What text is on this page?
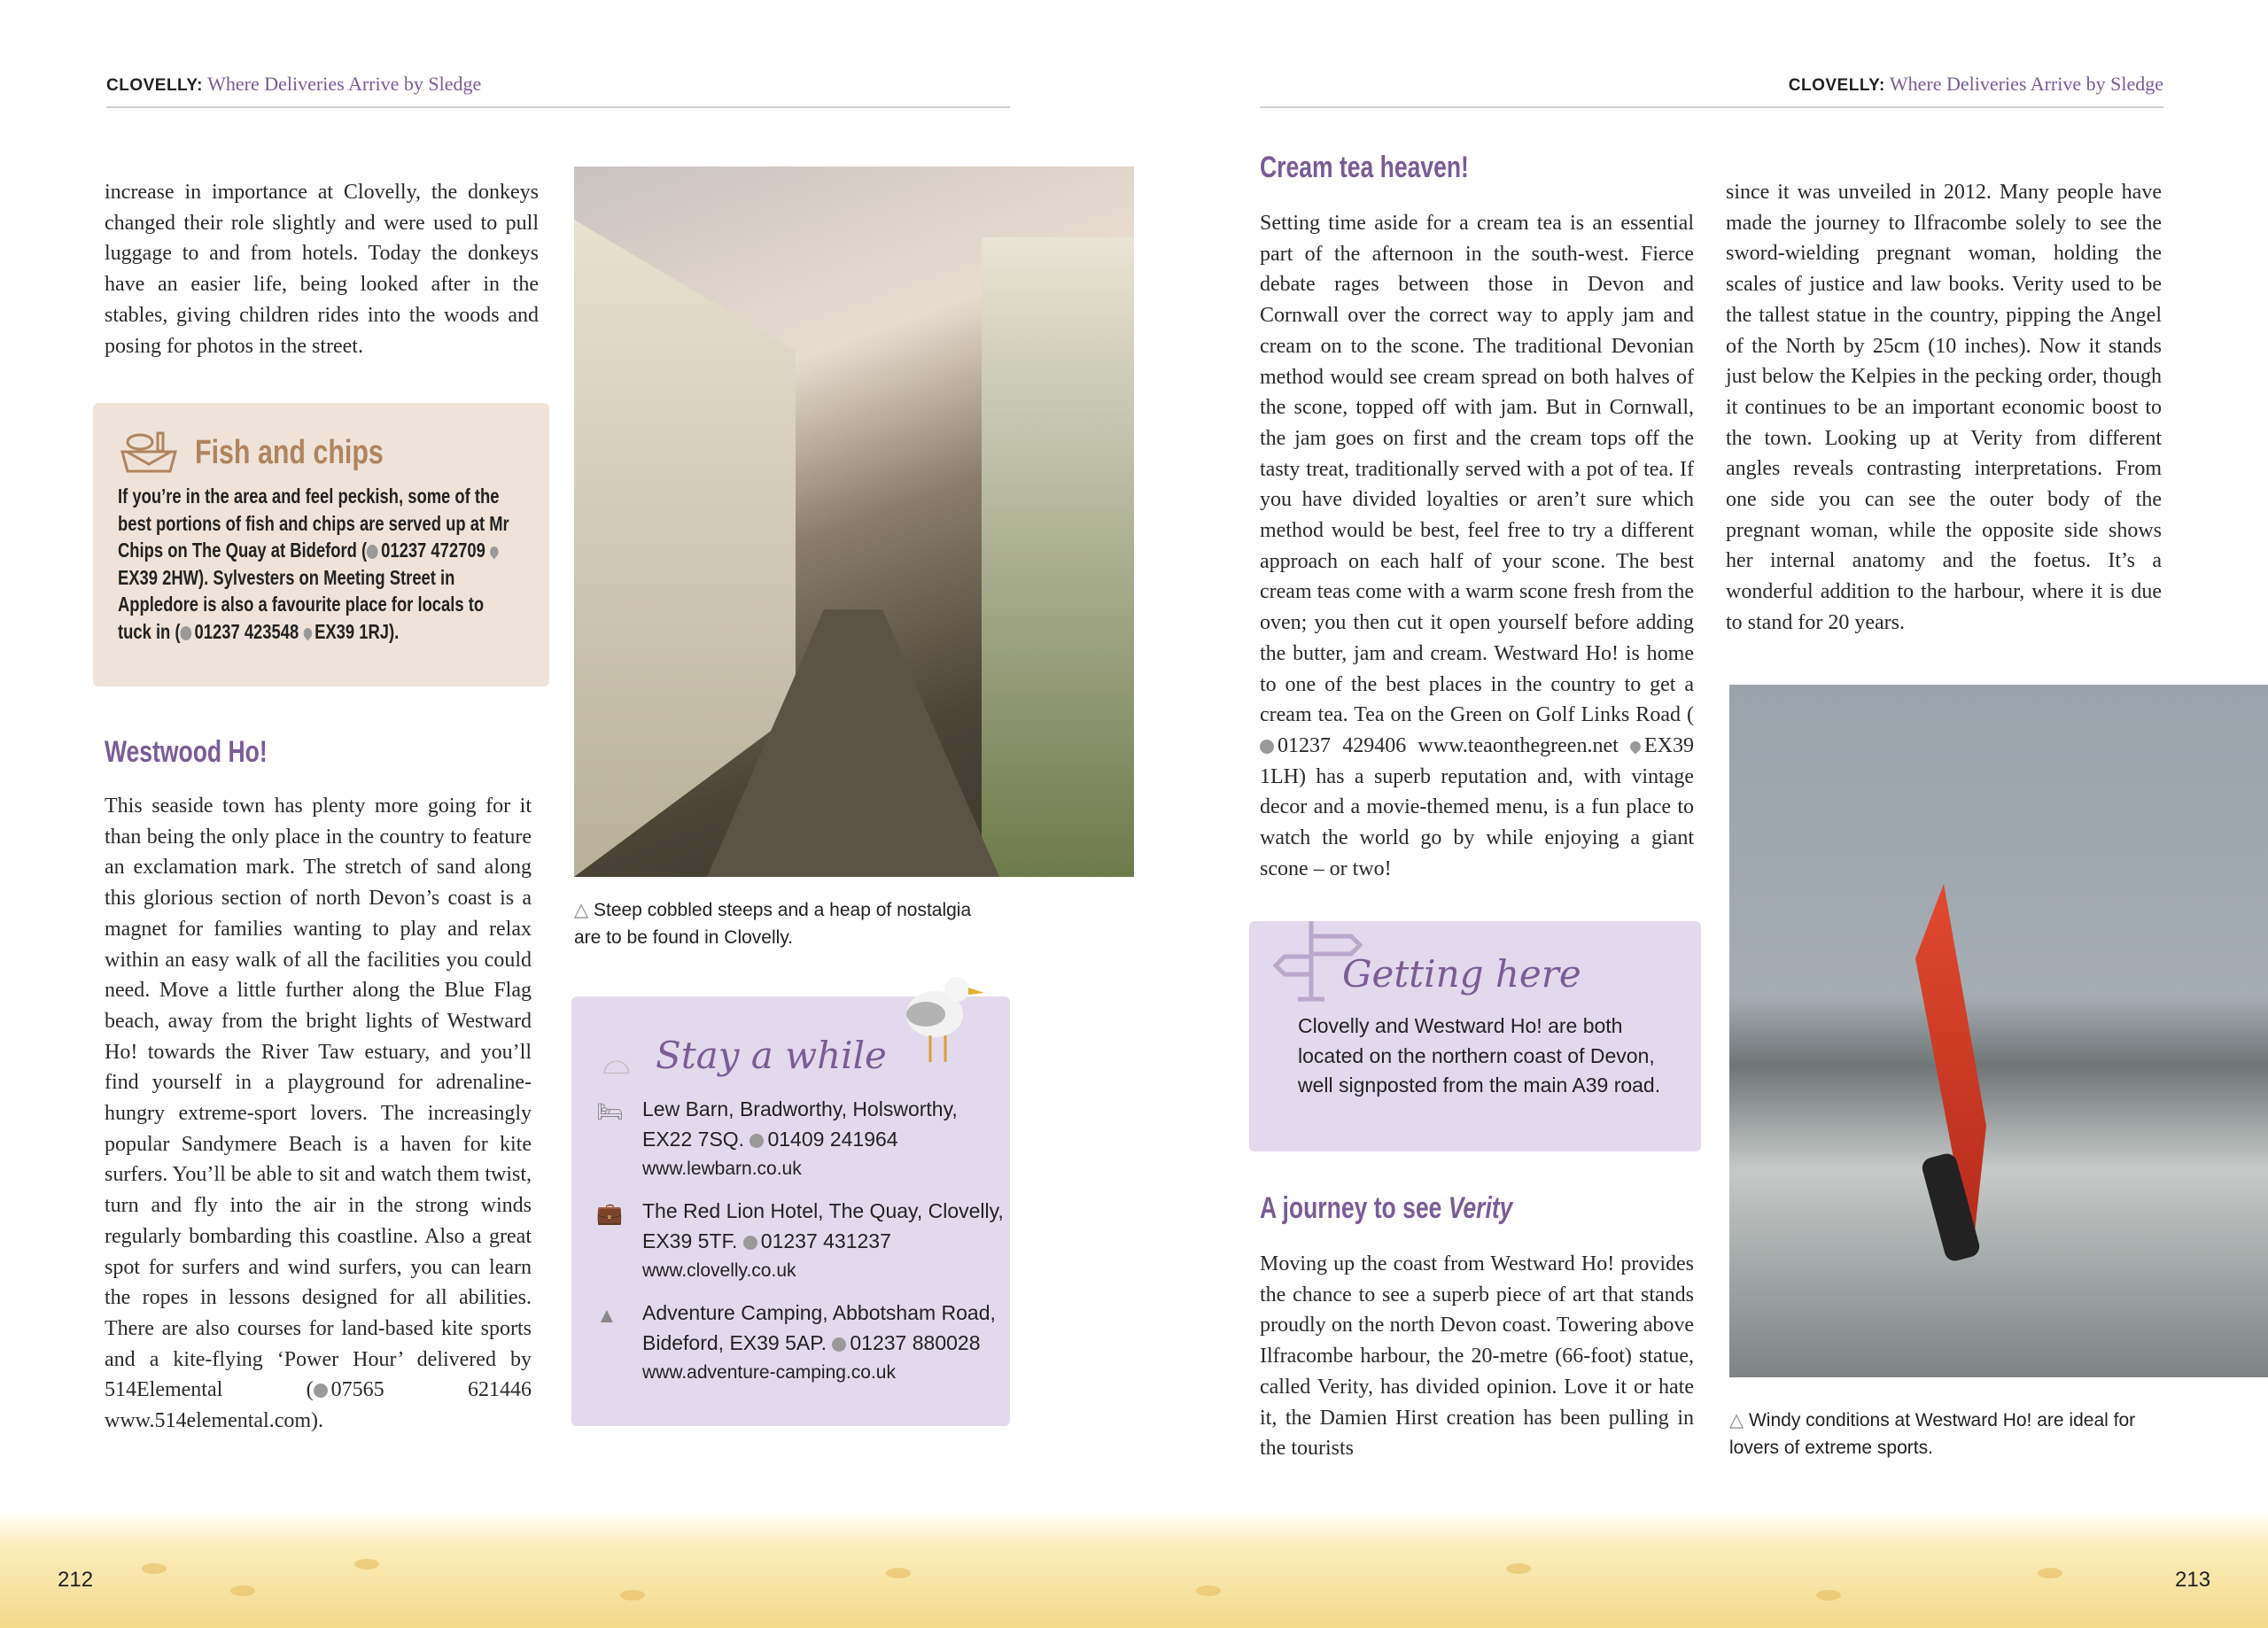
CLOVELLY: Where Deliveries Arrive by Sledge	CLOVELLY: Where Deliveries Arrive by Sledge

increase in importance at Clovelly, the donkeys changed their role slightly and were used to pull luggage to and from hotels. Today the donkeys have an easier life, being looked after in the stables, giving children rides into the woods and posing for photos in the street.

Fish and chips

If you’re in the area and feel peckish, some of the best portions of fish and chips are served up at Mr Chips on The Quay at Bideford ( 01237 472709 EX39 2HW). Sylvesters on Meeting Street in Appledore is also a favourite place for locals to tuck in ( 01237 423548 EX39 1RJ).

Westwood Ho!

This seaside town has plenty more going for it than being the only place in the country to feature an exclamation mark. The stretch of sand along this glorious section of north Devon’s coast is a magnet for families wanting to play and relax within an easy walk of all the facilities you could need. Move a little further along the Blue Flag beach, away from the bright lights of Westward Ho! towards the River Taw estuary, and you’ll find yourself in a playground for adrenaline-hungry extreme-sport lovers. The increasingly popular Sandymere Beach is a haven for kite surfers. You’ll be able to sit and watch them twist, turn and fly into the air in the strong winds regularly bombarding this coastline. Also a great spot for surfers and wind surfers, you can learn the ropes in lessons designed for all abilities. There are also courses for land-based kite sports and a kite-flying ‘Power Hour’ delivered by 514Elemental ( 07565 621446 www.514elemental.com).

△ Steep cobbled steeps and a heap of nostalgia are to be found in Clovelly.

⌓ Stay a while
🛏 Lew Barn, Bradworthy, Holsworthy,
EX22 7SQ. 01409 241964
www.lewbarn.co.uk
💼 The Red Lion Hotel, The Quay, Clovelly,
EX39 5TF. 01237 431237
www.clovelly.co.uk
▲ Adventure Camping, Abbotsham Road,
Bideford, EX39 5AP. 01237 880028
www.adventure-camping.co.uk
Cream tea heaven!

Setting time aside for a cream tea is an essential part of the afternoon in the south-west. Fierce debate rages between those in Devon and Cornwall over the correct way to apply jam and cream on to the scone. The traditional Devonian method would see cream spread on both halves of the scone, topped off with jam. But in Cornwall, the jam goes on first and the cream tops off the tasty treat, traditionally served with a pot of tea. If you have divided loyalties or aren’t sure which method would be best, feel free to try a different approach on each half of your scone. The best cream teas come with a warm scone fresh from the oven; you then cut it open yourself before adding the butter, jam and cream. Westward Ho! is home to one of the best places in the country to get a cream tea. Tea on the Green on Golf Links Road (01237 429406 www.teaonthegreen.net EX39 1LH) has a superb reputation and, with vintage decor and a movie-themed menu, is a fun place to watch the world go by while enjoying a giant scone – or two!

Getting here

Clovelly and Westward Ho! are both located on the northern coast of Devon, well signposted from the main A39 road.

A journey to see Verity

Moving up the coast from Westward Ho! provides the chance to see a superb piece of art that stands proudly on the north Devon coast. Towering above Ilfracombe harbour, the 20-metre (66-foot) statue, called Verity, has divided opinion. Love it or hate it, the Damien Hirst creation has been pulling in the tourists

since it was unveiled in 2012. Many people have made the journey to Ilfracombe solely to see the sword-wielding pregnant woman, holding the scales of justice and law books. Verity used to be the tallest statue in the country, pipping the Angel of the North by 25cm (10 inches). Now it stands just below the Kelpies in the pecking order, though it continues to be an important economic boost to the town. Looking up at Verity from different angles reveals contrasting interpretations. From one side you can see the outer body of the pregnant woman, while the opposite side shows her internal anatomy and the foetus. It’s a wonderful addition to the harbour, where it is due to stand for 20 years.

△ Windy conditions at Westward Ho! are ideal for lovers of extreme sports.

212	213
